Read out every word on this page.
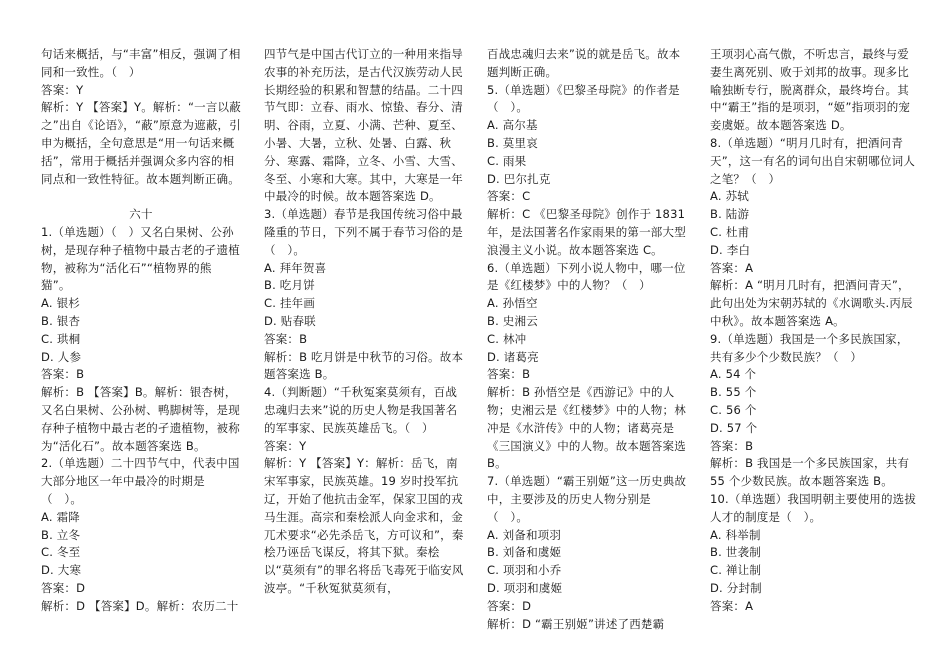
句话来概括，与“丰富”相反，强调了相同和一致性。（　）

答案：Y

解析：Y 【答案】Y。解析：“一言以蔽之”出自《论语》，“蔽”原意为遮蔽，引申为概括，全句意思是“用一句话来概 括”，常用于概括并强调众多内容的相同点和一致性特征。故本题判断正确。

六十

1.（单选题）（　）又名白果树、公孙树，是现存种子植物中最古老的孑遗植物，被称为“活化石”“植物界的熊猫”。

A. 银杉

B. 银杏

C. 珙桐

D. 人参

答案：B

解析：B 【答案】B。解析：银杏树，又名白果树、公孙树、鸭脚树等，是现存种子植物中最古老的孑遗植物，被称为“活化石”。故本题答案选 B。

2.（单选题）二十四节气中，代表中国大部分地区一年中最冷的时期是（　）。

A. 霜降

B. 立冬

C. 冬至

D. 大寒

答案：D

解析：D 【答案】D。解析：农历二十

四节气是中国古代订立的一种用来指导农事的补充历法，是古代汉族劳动人民长期经验的积累和智慧的结晶。二十四节气即：立春、雨水、惊蛰、春分、清明、谷雨，立夏、小满、芒种、夏至、小暑、大暑，立秋、处暑、白露、秋分、寒露、霜降，立冬、小雪、大雪、冬至、小寒和大寒。其中，大寒是一年中最冷的时候。故本题答案选 D。

3.（单选题）春节是我国传统习俗中最隆重的节日，下列不属于春节习俗的是（　）。

A. 拜年贺喜

B. 吃月饼

C. 挂年画

D. 贴春联

答案：B

解析：B 吃月饼是中秋节的习俗。故本题答案选 B。

4.（判断题）“千秋冤案莫须有，百战忠魂归去来”说的历史人物是我国著名的军事家、民族英雄岳飞。（　）

答案：Y

解析：Y 【答案】Y：解析：岳飞，南宋军事家，民族英雄。19 岁时投军抗辽，开始了他抗击金军，保家卫国的戎马生涯。高宗和秦桧派人向金求和，金兀术要求“必先杀岳飞，方可议和”，秦桧乃诬岳飞谋反，将其下狱。秦桧以“莫须有”的罪名将岳飞毒死于临安风波亭。“千秋冤狱莫须有，

百战忠魂归去来”说的就是岳飞。故本题判断正确。

5.（单选题）《巴黎圣母院》的作者是（　）。

A. 高尔基

B. 莫里哀

C. 雨果

D. 巴尔扎克

答案：C

解析：C 《巴黎圣母院》创作于 1831 年，是法国著名作家雨果的第一部大型浪漫主义小说。故本题答案选 C。

6.（单选题）下列小说人物中，哪一位是《红楼梦》中的人物？（　）

A. 孙悟空

B. 史湘云

C. 林冲

D. 诸葛亮

答案：B

解析：B 孙悟空是《西游记》中的人物；史湘云是《红楼梦》中的人物；林冲是《水浒传》中的人物；诸葛亮是《三国演义》中的人物。故本题答案选 B。

7.（单选题）“霸王别姬”这一历史典故中，主要涉及的历史人物分别是（　）。

A. 刘备和项羽

B. 刘备和虞姬

C. 项羽和小乔

D. 项羽和虞姬

答案：D

解析：D “霸王别姬”讲述了西楚霸

王项羽心高气傲，不听忠言，最终与爱妻生离死别、败于刘邦的故事。现多比喻独断专行，脱离群众，最终垮台。其中“霸王”指的是项羽，“姬”指项羽的宠妾虞姬。故本题答案选 D。

8.（单选题）“明月几时有，把酒问青天”，这一有名的词句出自宋朝哪位词人之笔？（　）

A. 苏轼

B. 陆游

C. 杜甫

D. 李白

答案：A

解析：A “明月几时有，把酒问青天”，此句出处为宋朝苏轼的《水调歌头.丙辰中秋》。故本题答案选 A。

9.（单选题）我国是一个多民族国家，共有多少个少数民族？（　）

A. 54 个

B. 55 个

C. 56 个

D. 57 个

答案：B

解析：B 我国是一个多民族国家，共有 55 个少数民族。故本题答案选 B。

10.（单选题）我国明朝主要使用的选拔人才的制度是（　）。

A. 科举制

B. 世袭制

C. 禅让制

D. 分封制

答案：A
